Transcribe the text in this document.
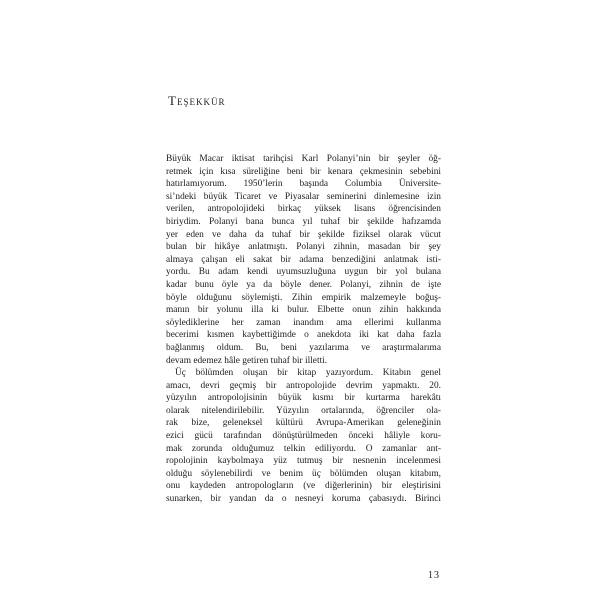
Teşekkür
Büyük Macar iktisat tarihçisi Karl Polanyi’nin bir şeyler öğ-
retmek için kısa süreliğine beni bir kenara çekmesinin sebebini
hatırlamıyorum. 1950’lerin başında Columbia Üniversite-
si’ndeki büyük Ticaret ve Piyasalar seminerini dinlemesine izin
verilen, antropolojideki birkaç yüksek lisans öğrencisinden
biriydim. Polanyi bana bunca yıl tuhaf bir şekilde hafızamda
yer eden ve daha da tuhaf bir şekilde fiziksel olarak vücut
bulan bir hikâye anlatmıştı. Polanyi zihnin, masadan bir şey
almaya çalışan eli sakat bir adama benzediğini anlatmak isti-
yordu. Bu adam kendi uyumsuzluğuna uygun bir yol bulana
kadar bunu öyle ya da böyle dener. Polanyi, zihnin de işte
böyle olduğunu söylemişti. Zihin empirik malzemeyle boğuş-
manın bir yolunu illa ki bulur. Elbette onun zihin hakkında
söylediklerine her zaman inandım ama ellerimi kullanma
becerimi kısmen kaybettiğimde o anekdota iki kat daha fazla
bağlanmış oldum. Bu, beni yazılarıma ve araştırmalarıma
devam edemez hâle getiren tuhaf bir illetti.
Üç bölümden oluşan bir kitap yazıyordum. Kitabın genel
amacı, devri geçmiş bir antropolojide devrim yapmaktı. 20.
yüzyılın antropolojisinin büyük kısmı bir kurtarma harekâtı
olarak nitelendirilebilir. Yüzyılın ortalarında, öğrenciler ola-
rak bize, geleneksel kültürü Avrupa-Amerikan geleneğinin
ezici gücü tarafından dönüştürülmeden önceki hâliyle koru-
mak zorunda olduğumuz telkin ediliyordu. O zamanlar ant-
ropolojinin kaybolmaya yüz tutmuş bir nesnenin incelenmesi
olduğu söylenebilirdi ve benim üç bölümden oluşan kitabım,
onu kaydeden antropologların (ve diğerlerinin) bir eleştirisini
sunarken, bir yandan da o nesneyi koruma çabasıydı. Birinci
13
